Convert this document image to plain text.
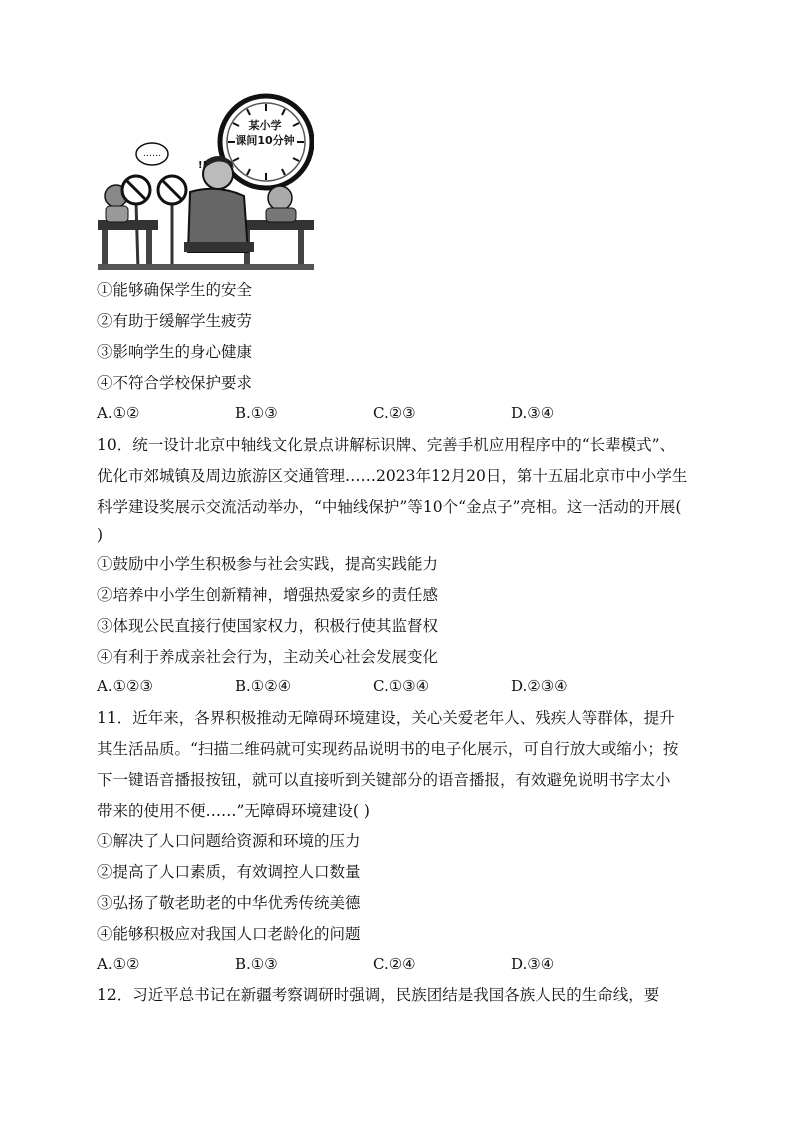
……
!!
某小学
课间10分钟
①能够确保学生的安全
②有助于缓解学生疲劳
③影响学生的身心健康
④不符合学校保护要求
A.①②	B.①③	C.②③	D.③④
10．统一设计北京中轴线文化景点讲解标识牌、完善手机应用程序中的“长辈模式”、
优化市郊城镇及周边旅游区交通管理……2023年12月20日，第十五届北京市中小学生
科学建设奖展示交流活动举办，“中轴线保护”等10个“金点子”亮相。这一活动的开展(
)
①鼓励中小学生积极参与社会实践，提高实践能力
②培养中小学生创新精神，增强热爱家乡的责任感
③体现公民直接行使国家权力，积极行使其监督权
④有利于养成亲社会行为，主动关心社会发展变化
A.①②③	B.①②④	C.①③④	D.②③④
11．近年来，各界积极推动无障碍环境建设，关心关爱老年人、残疾人等群体，提升
其生活品质。“扫描二维码就可实现药品说明书的电子化展示，可自行放大或缩小；按
下一键语音播报按钮，就可以直接听到关键部分的语音播报，有效避免说明书字太小
带来的使用不便……”无障碍环境建设( )
①解决了人口问题给资源和环境的压力
②提高了人口素质，有效调控人口数量
③弘扬了敬老助老的中华优秀传统美德
④能够积极应对我国人口老龄化的问题
A.①②	B.①③	C.②④	D.③④
12．习近平总书记在新疆考察调研时强调，民族团结是我国各族人民的生命线，要
